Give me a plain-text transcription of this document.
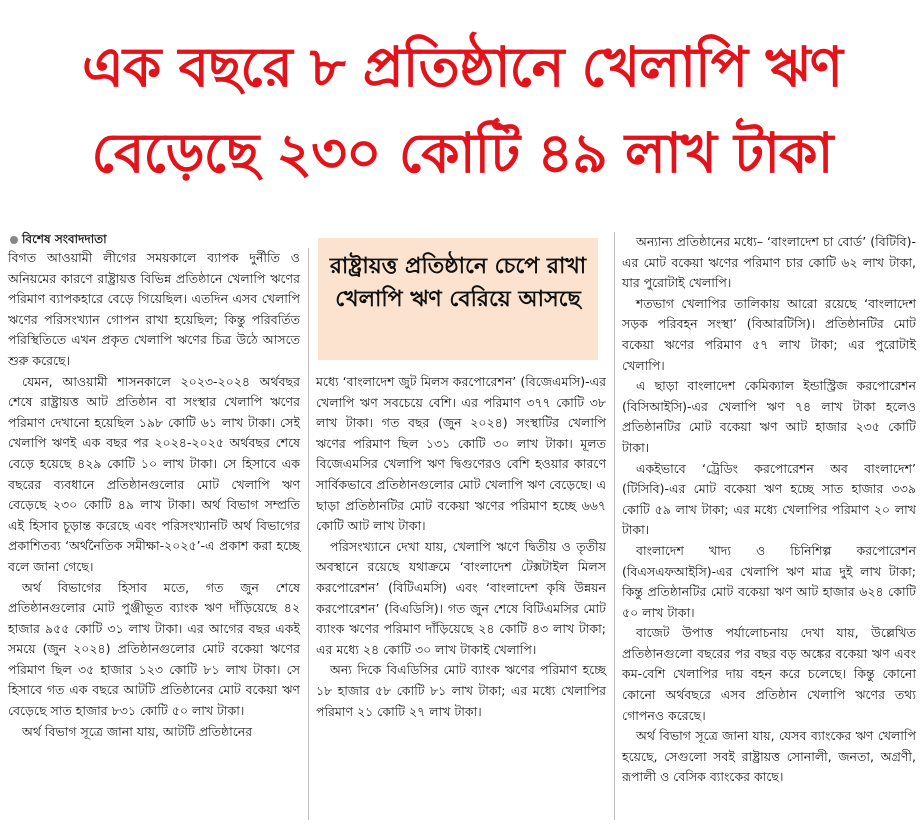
এক বছরে ৮ প্রতিষ্ঠানে খেলাপি ঋণ
বেড়েছে ২৩০ কোটি ৪৯ লাখ টাকা
বিশেষ সংবাদদাতা
রাষ্ট্রায়ত্ত প্রতিষ্ঠানে চেপে রাখা খেলাপি ঋণ বেরিয়ে আসছে

বিগত আওয়ামী লীগের সময়কালে ব্যাপক দুর্নীতি ও অনিয়মের কারণে রাষ্ট্রায়ত্ত বিভিন্ন প্রতিষ্ঠানে খেলাপি ঋণের পরিমাণ ব্যাপকহারে বেড়ে গিয়েছিল। এতদিন এসব খেলাপি ঋণের পরিসংখ্যান গোপন রাখা হয়েছিল; কিন্তু পরিবর্তিত পরিস্থিতিতে এখন প্রকৃত খেলাপি ঋণের চিত্র উঠে আসতে শুরু করেছে।

যেমন, আওয়ামী শাসনকালে ২০২৩-২০২৪ অর্থবছর শেষে রাষ্ট্রায়ত্ত আট প্রতিষ্ঠান বা সংস্থার খেলাপি ঋণের পরিমাণ দেখানো হয়েছিল ১৯৮ কোটি ৬১ লাখ টাকা। সেই খেলাপি ঋণই এক বছর পর ২০২৪-২০২৫ অর্থবছর শেষে বেড়ে হয়েছে ৪২৯ কোটি ১০ লাখ টাকা। সে হিসাবে এক বছরের ব্যবধানে প্রতিষ্ঠানগুলোর মোট খেলাপি ঋণ বেড়েছে ২৩০ কোটি ৪৯ লাখ টাকা। অর্থ বিভাগ সম্প্রতি এই হিসাব চূড়ান্ত করেছে এবং পরিসংখ্যানটি অর্থ বিভাগের প্রকাশিতব্য ‘অর্থনৈতিক সমীক্ষা-২০২৫’-এ প্রকাশ করা হচ্ছে বলে জানা গেছে।

অর্থ বিভাগের হিসাব মতে, গত জুন শেষে প্রতিষ্ঠানগুলোর মোট পুঞ্জীভূত ব্যাংক ঋণ দাঁড়িয়েছে ৪২ হাজার ৯৫৫ কোটি ৩১ লাখ টাকা। এর আগের বছর একই সময়ে (জুন ২০২৪) প্রতিষ্ঠানগুলোর মোট বকেয়া ঋণের পরিমাণ ছিল ৩৫ হাজার ১২৩ কোটি ৮১ লাখ টাকা। সে হিসাবে গত এক বছরে আটটি প্রতিষ্ঠানের মোট বকেয়া ঋণ বেড়েছে সাত হাজার ৮৩১ কোটি ৫০ লাখ টাকা।

অর্থ বিভাগ সূত্রে জানা যায়, আটটি প্রতিষ্ঠানের

মধ্যে ‘বাংলাদেশ জুট মিলস করপোরেশন’ (বিজেএমসি)-এর খেলাপি ঋণ সবচেয়ে বেশি। এর পরিমাণ ৩৭৭ কোটি ৩৮ লাখ টাকা। গত বছর (জুন ২০২৪) সংস্থাটির খেলাপি ঋণের পরিমাণ ছিল ১৩১ কোটি ৩০ লাখ টাকা। মূলত বিজেএমসির খেলাপি ঋণ দ্বিগুণেরও বেশি হওয়ার কারণে সার্বিকভাবে প্রতিষ্ঠানগুলোর মোট খেলাপি ঋণ বেড়েছে। এ ছাড়া প্রতিষ্ঠানটির মোট বকেয়া ঋণের পরিমাণ হচ্ছে ৬৬৭ কোটি আট লাখ টাকা।

পরিসংখ্যানে দেখা যায়, খেলাপি ঋণে দ্বিতীয় ও তৃতীয় অবস্থানে রয়েছে যথাক্রমে ‘বাংলাদেশ টেক্সটাইল মিলস করপোরেশন’ (বিটিএমসি) এবং ‘বাংলাদেশ কৃষি উন্নয়ন করপোরেশন’ (বিএডিসি)। গত জুন শেষে বিটিএমসির মোট ব্যাংক ঋণের পরিমাণ দাঁড়িয়েছে ২৪ কোটি ৪৩ লাখ টাকা; এর মধ্যে ২৪ কোটি ৩০ লাখ টাকাই খেলাপি।

অন্য দিকে বিএডিসির মোট ব্যাংক ঋণের পরিমাণ হচ্ছে ১৮ হাজার ৫৮ কোটি ৮১ লাখ টাকা; এর মধ্যে খেলাপির পরিমাণ ২১ কোটি ২৭ লাখ টাকা।

অন্যান্য প্রতিষ্ঠানের মধ্যে– ‘বাংলাদেশ চা বোর্ড’ (বিটিবি)-এর মোট বকেয়া ঋণের পরিমাণ চার কোটি ৬২ লাখ টাকা, যার পুরোটাই খেলাপি।

শতভাগ খেলাপির তালিকায় আরো রয়েছে ‘বাংলাদেশ সড়ক পরিবহন সংস্থা’ (বিআরটিসি)। প্রতিষ্ঠানটির মোট বকেয়া ঋণের পরিমাণ ৫৭ লাখ টাকা; এর পুরোটাই খেলাপি।

এ ছাড়া বাংলাদেশ কেমিক্যাল ইন্ডাস্ট্রিজ করপোরেশন (বিসিআইসি)-এর খেলাপি ঋণ ৭৪ লাখ টাকা হলেও প্রতিষ্ঠানটির মোট বকেয়া ঋণ আট হাজার ২৩৫ কোটি টাকা।

একইভাবে ‘ট্রেডিং করপোরেশন অব বাংলাদেশ’ (টিসিবি)-এর মোট বকেয়া ঋণ হচ্ছে সাত হাজার ৩৩৯ কোটি ৫৯ লাখ টাকা; এর মধ্যে খেলাপির পরিমাণ ২০ লাখ টাকা।

বাংলাদেশ খাদ্য ও চিনিশিল্প করপোরেশন (বিএসএফআইসি)-এর খেলাপি ঋণ মাত্র দুই লাখ টাকা; কিন্তু প্রতিষ্ঠানটির মোট বকেয়া ঋণ আট হাজার ৬২৪ কোটি ৫০ লাখ টাকা।

বাজেট উপাত্ত পর্যালোচনায় দেখা যায়, উল্লেখিত প্রতিষ্ঠানগুলো বছরের পর বছর বড় অঙ্কের বকেয়া ঋণ এবং কম-বেশি খেলাপির দায় বহন করে চলেছে। কিন্তু কোনো কোনো অর্থবছরে এসব প্রতিষ্ঠান খেলাপি ঋণের তথ্য গোপনও করেছে।

অর্থ বিভাগ সূত্রে জানা যায়, যেসব ব্যাংকের ঋণ খেলাপি হয়েছে, সেগুলো সবই রাষ্ট্রায়ত্ত সোনালী, জনতা, অগ্রণী, রূপালী ও বেসিক ব্যাংকের কাছে।
